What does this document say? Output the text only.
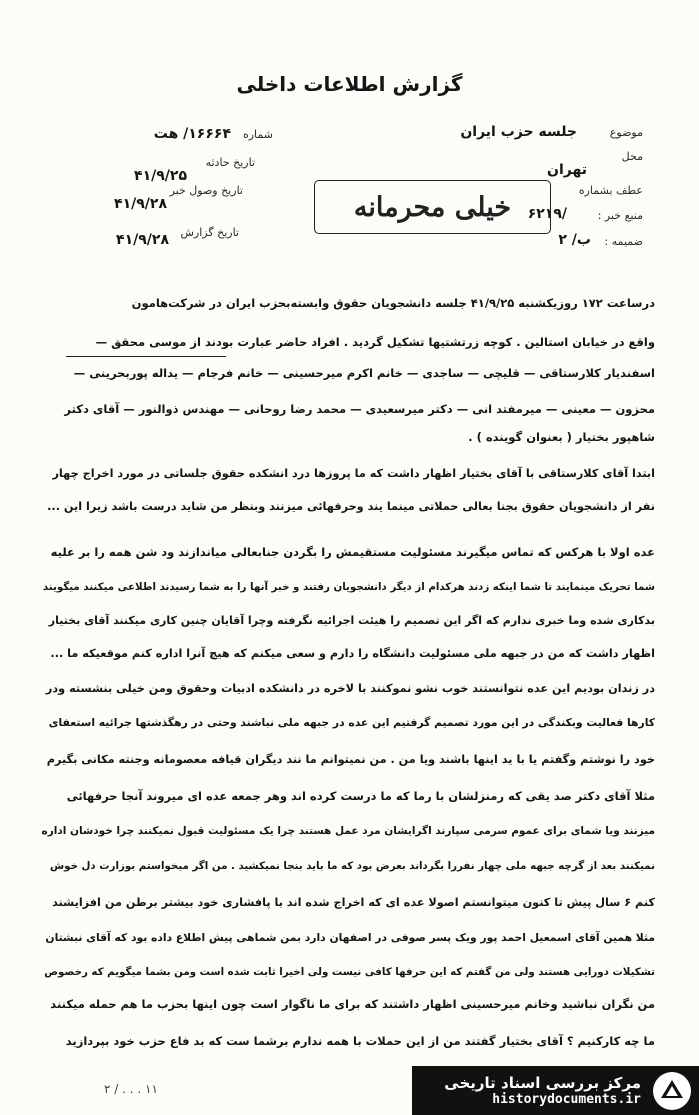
گزارش اطلاعات داخلی
موضوع
جلسه حزب ایران
محل
تهران
عطف بشماره
منبع خبر :
۶۲۱۹/
ضمیمه :
ب/ ۲
شماره
۱۶۶۶۴/ ه‍ت
تاریخ حادثه
۴۱/۹/۲۵
تاریخ وصول خبر
۴۱/۹/۲۸
تاریخ گزارش
۴۱/۹/۲۸
خیلی محرمانه
درساعت ۱۷۲ روزیکشنبه ۴۱/۹/۲۵ جلسه دانشجویان حقوق وابسته‌بحزب ایران در شرکت‌هامون
واقع در خیابان استالین . کوچه زرتشتیها تشکیل گردید . افراد حاضر عبارت بودند از موسی محقق —
اسفندیار کلارستاقی — قلیچی — ساجدی — خانم اکرم میرحسینی — خانم فرجام — یداله پوربحرینی —
محزون — معینی — میرمفتد انی — دکتر میرسعیدی — محمد رضا روحانی — مهندس ذوالنور — آقای دکتر
شاهپور بختیار ( بعنوان گوینده ) .
ابتدا آقای کلارستاقی با آقای بختیار اظهار داشت که ما پروزها درد انشکده حقوق جلساتی در مورد اخراج چهار
نفر از دانشجویان حقوق بجنا بعالی حملاتی مینما یند وحرفهائی میزنند وبنظر من شاید درست باشد زیرا این ...
عده اولا با هرکس که تماس میگیرند مسئولیت مستقیمش را بگردن جنابعالی میاندازند ود شن همه را بر علیه
شما تحریک مینمایند تا شما اینکه زدند هرکدام از دیگر دانشجویان رفتند و خبر آنها را به شما رسیدند اطلاعی میکنند میگویند
بدکاری شده وما خبری ندارم که اگر این تصمیم را هیئت اجرائیه نگرفته وچرا آقایان چنین کاری میکنند آقای بختیار
اظهار داشت که من در جبهه ملی مسئولیت دانشگاه را دارم و سعی میکنم که هیچ آنرا اداره کنم موقعیکه ما ...
در زندان بودیم این عده نتوانستند خوب نشو نموکنند با لاخره در دانشکده ادبیات وحقوق ومن خیلی بنشسته ودر
کارها فعالیت وبکندگی در این مورد تصمیم گرفتیم این عده در جبهه ملی نباشند وحتی در رهگذشتها جرائیه استعفای
خود را نوشتم وگفتم یا با ید اینها باشند ویا من . من نمیتوانم ما نند دیگران قیافه معصومانه وجنته مکانی بگیرم
مثلا آقای دکتر صد یقی که رمنزلشان با رما که ما درست کرده اند وهر جمعه عده ای میروند آنجا حرفهائی
میزنند ویا شمای برای عموم سرمی سپارند اگرایشان مرد عمل هستند چرا یک مسئولیت قبول نمیکنند چرا خودشان اداره
نمیکنند بعد از گرچه جبهه ملی چهار نفررا بگرداند بعرض بود که ما باید بنجا نمیکشید . من اگر میخواستم بوزارت دل خوش
کنم ۶ سال پیش تا کنون میتوانستم اصولا عده ای که اخراج شده اند با پافشاری خود بیشتر برطن من افزایشند
مثلا همین آقای اسمعیل احمد پور ویک پسر صوفی در اصفهان دارد بمن شماهی پیش اطلاع داده بود که آقای نبشتان
تشکیلات دورایی هستند ولی من گفتم که این حرفها کافی نیست ولی اخیرا ثابت شده است ومن بشما میگویم که رخصوص
من نگران نباشید وخانم میرحسینی اظهار داشتند که برای ما ناگوار است چون اینها بحزب ما هم حمله میکنند
ما چه کارکنیم ؟ آقای بختیار گفتند من از این حملات با همه ندارم برشما ست که بد فاع حزب خود بپردازید
۲ / . . . ۱۱	مرکز بررسی اسناد تاریخی
historydocuments.ir
